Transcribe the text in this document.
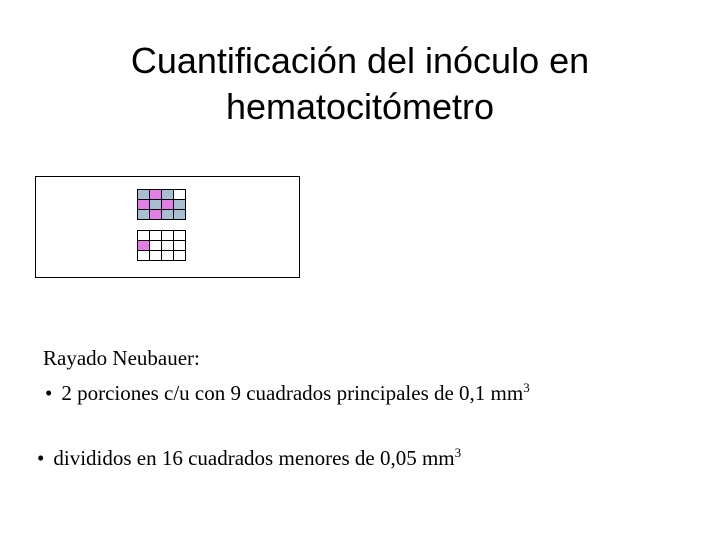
Cuantificación del inóculo en
hematocitómetro

Rayado Neubauer:
• 2 porciones c/u con 9 cuadrados principales de 0,1 $mm^3$
• divididos en 16 cuadrados menores de 0,05 $mm^3$
